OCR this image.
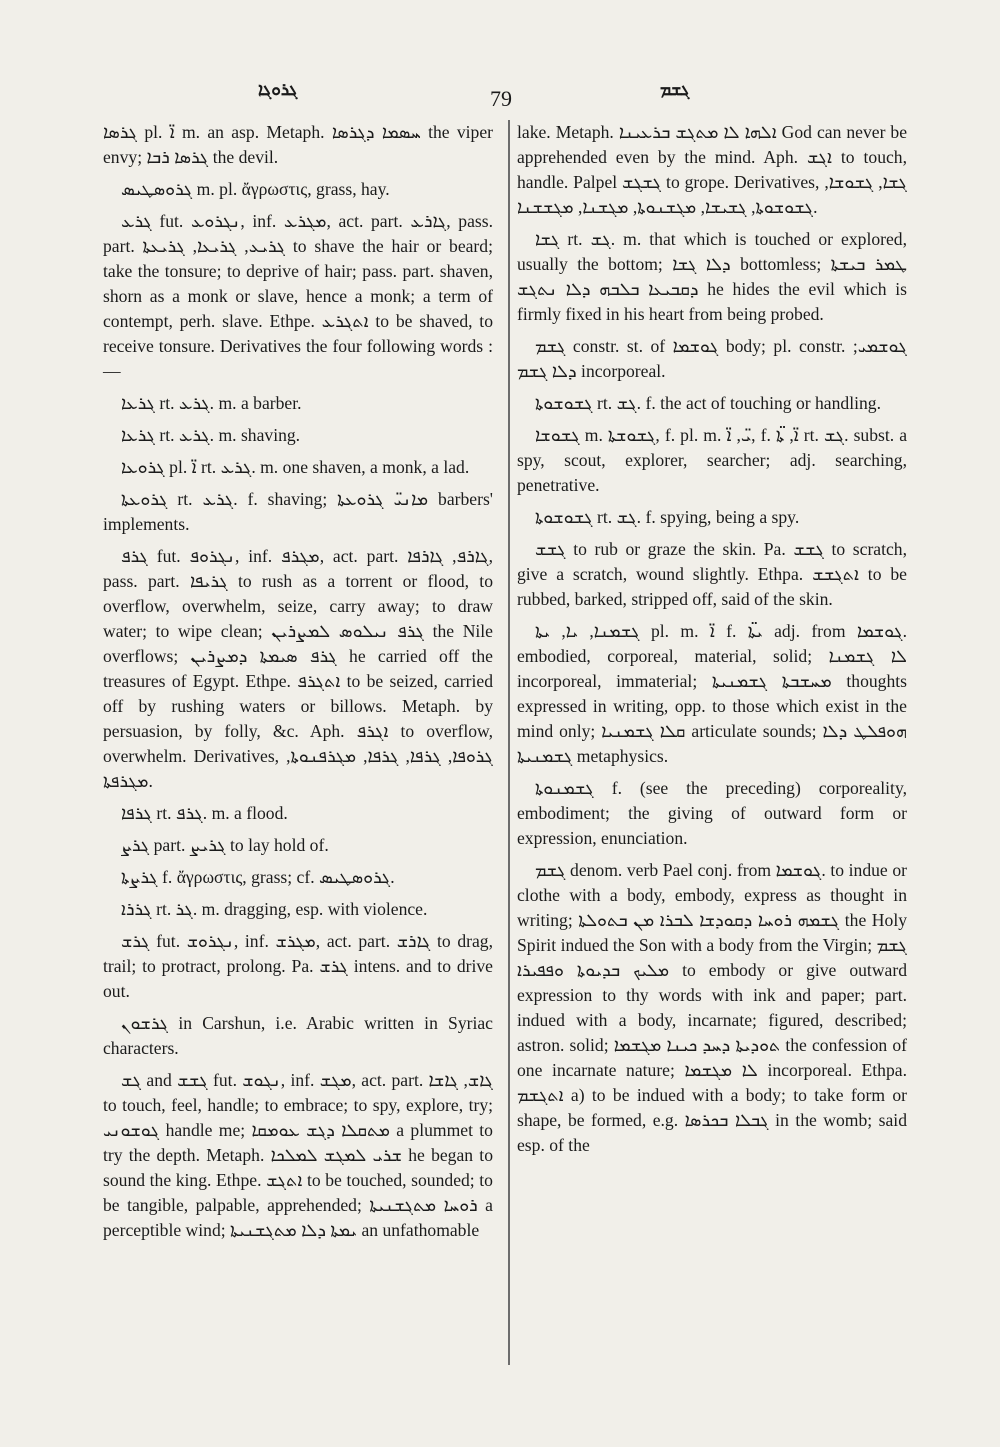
ܓܪܘܓܐ	79	ܓܫܡ

ܓܪܣܐ pl. ܐ̈ m. an asp. Metaph. ܚܣܡܐ ܕܓܪܣܐ the viper envy; ܓܪܣܐ ܪܒܐ the devil.

ܓܪܘܣܛܝܣ m. pl. ἄγρωστις, grass, hay.

ܓܪܥ fut. ܢܓܪܘܥ, inf. ܡܓܪܥ, act. part. ܓܐܪܥ, pass. part. ܓܪܝܥ, ܓܪܝܥܐ, ܓܪܝܥܬܐ to shave the hair or beard; take the tonsure; to deprive of hair; pass. part. shaven, shorn as a monk or slave, hence a monk; a term of contempt, perh. slave. Ethpe. ܐܬܓܪܥ to be shaved, to receive tonsure. Derivatives the four following words :—

ܓܪܥܐ rt. ܓܪܥ. m. a barber.

ܓܪܥܐ rt. ܓܪܥ. m. shaving.

ܓܪܘܥܐ pl. ܐ̈ rt. ܓܪܥ. m. one shaven, a monk, a lad.

ܓܪܘܥܬܐ rt. ܓܪܥ. f. shaving; ܡܐܢܝ̈ ܓܪܘܥܬܐ barbers' implements.

ܓܪܦ fut. ܢܓܪܘܦ, inf. ܡܓܪܦ, act. part. ܓܐܪܦ, ܓܐܪܦܐ, pass. part. ܓܪܝܦܐ to rush as a torrent or flood, to overflow, overwhelm, seize, carry away; to draw water; to wipe clean; ܓܪܦ ܢܝܠܘܣ ܠܡܨܪܝܢ the Nile overflows; ܓܪܦ ܣܝܡܬܐ ܕܡܨܪܝܢ he carried off the treasures of Egypt. Ethpe. ܐܬܓܪܦ to be seized, carried off by rushing waters or billows. Metaph. by persuasion, by folly, &c. Aph. ܐܓܪܦ to overflow, overwhelm. Derivatives, ܓܪܘܦܐ, ܓܪܦܐ, ܓܪܦܐ, ܡܓܪܦܢܘܬܐ, ܡܓܪܦܬܐ.

ܓܪܦܐ rt. ܓܪܦ. m. a flood.

ܓܪܨ part. ܓܪܝܨ to lay hold of.

ܓܪܨܬܐ f. ἄγρωστις, grass; cf. ܓܪܘܣܛܝܣ.

ܓܪܪܐ rt. ܓܪ. m. dragging, esp. with violence.

ܓܪܫ fut. ܢܓܪܘܫ, inf. ܡܓܪܫ, act. part. ܓܐܪܫ to drag, trail; to protract, prolong. Pa. ܓܪܫ intens. and to drive out.

ܓܪܫܘܢ in Carshun, i.e. Arabic written in Syriac characters.

ܓܫ and ܓܫܫ fut. ܢܓܘܫ, inf. ܡܓܫ, act. part. ܓܐܫ, ܓܐܫܐ to touch, feel, handle; to embrace; to spy, explore, try; ܓܘܫܘܢܝ handle me; ܡܬܩܠܐ ܕܓܫ ܥܘܡܩܐ a plummet to try the depth. Metaph. ܫܪܝ ܠܡܓܫ ܠܡܠܟܐ he began to sound the king. Ethpe. ܐܬܓܫ to be touched, sounded; to be tangible, palpable, apprehended; ܪܘܚܐ ܡܬܓܫܢܝܬܐ a perceptible wind; ܝܡܬܐ ܕܠܐ ܡܬܓܫܢܝܬܐ an unfathomable

lake. Metaph. ܐܠܗܐ ܠܐ ܡܬܓܫ ܒܪܥܝܢܐ God can never be apprehended even by the mind. Aph. ܐܓܫ to touch, handle. Palpel ܓܫܓܫ to grope. Derivatives, ܓܫܐ, ܓܫܘܫܐ, ܓܫܘܫܘܬܐ, ܓܫܝܫܐ, ܡܓܫܢܘܬܐ, ܡܓܫܢܐ, ܡܓܫܫܢܐ.

ܓܫܐ rt. ܓܫ. m. that which is touched or explored, usually the bottom; ܕܠܐ ܓܫܐ bottomless; ܛܡܪ ܒܝܫܬܐ ܕܩܒܝܥܐ ܒܠܒܗ ܕܠܐ ܢܬܓܫ he hides the evil which is firmly fixed in his heart from being probed.

ܓܫܡ constr. st. of ܓܘܫܡܐ body; pl. constr. ܓܘܫܡܝ; ܕܠܐ ܓܫܡ incorporeal.

ܓܫܘܫܘܬܐ rt. ܓܫ. f. the act of touching or handling.

ܓܫܘܫܐ m. ܓܫܘܫܬܐ, f. pl. m. ܝ̈, ܐ̈, f. ܐ̈, ܬܐ̈ rt. ܓܫ. subst. a spy, scout, explorer, searcher; adj. searching, penetrative.

ܓܫܘܫܘܬܐ rt. ܓܫ. f. spying, being a spy.

ܓܫܫ to rub or graze the skin. Pa. ܓܫܫ to scratch, give a scratch, wound slightly. Ethpa. ܐܬܓܫܫ to be rubbed, barked, stripped off, said of the skin.

ܓܫܡܢܐ, ܝܐ, ܝܬܐ pl. m. ܐ̈ f. ܝܬܐ̈ adj. from ܓܘܫܡܐ. embodied, corporeal, material, solid; ܠܐ ܓܫܡܢܐ incorporeal, immaterial; ܡܚܫܒܬܐ ܓܫܡܢܝܬܐ thoughts expressed in writing, opp. to those which exist in the mind only; ܩܠܐ ܓܫܡܢܝܐ articulate sounds; ܗܘܦܠܛ ܕܠܐ ܓܫܡܢܝܬܐ metaphysics.

ܓܫܡܢܘܬܐ f. (see the preceding) corporeality, embodiment; the giving of outward form or expression, enunciation.

ܓܫܡ denom. verb Pael conj. from ܓܘܫܡܐ. to indue or clothe with a body, embody, express as thought in writing; ܓܫܡܗ ܪܘܚܐ ܕܩܘܕܫܐ ܠܒܪܐ ܡܢ ܒܬܘܠܬܐ the Holy Spirit indued the Son with a body from the Virgin; ܓܫܡ ܡܠܝܟ ܒܕܝܘܬܐ ܘܦܦܝܪܐ to embody or give outward expression to thy words with ink and paper; part. indued with a body, incarnate; figured, described; astron. solid; ܬܘܕܝܬܐ ܕܚܕ ܟܝܢܐ ܡܓܫܡܐ the confession of one incarnate nature; ܠܐ ܡܓܫܡܐ incorporeal. Ethpa. ܐܬܓܫܡ a) to be indued with a body; to take form or shape, be formed, e.g. ܓܒܠܐ ܒܟܪܣܐ in the womb; said esp. of the
